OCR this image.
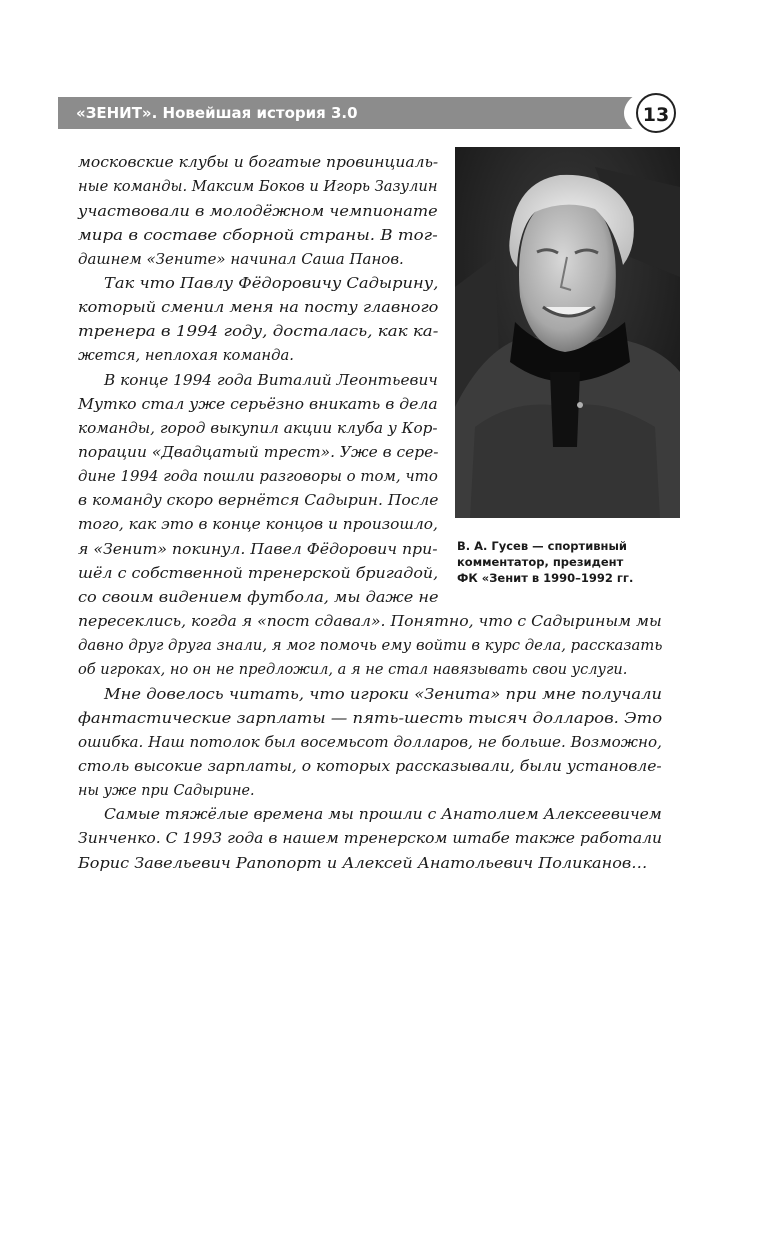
«ЗЕНИТ». Новейшая история 3.0	13
В. А. Гусев — спортивный
комментатор, президент
ФК «Зенит в 1990–1992 гг.
московские клубы и богатые провинциаль-
ные команды. Максим Боков и Игорь Зазулин
участвовали в молодёжном чемпионате
мира в составе сборной страны. В тог-
дашнем «Зените» начинал Саша Панов.
Так что Павлу Фёдоровичу Садырину,
который сменил меня на посту главного
тренера в 1994 году, досталась, как ка-
жется, неплохая команда.
В конце 1994 года Виталий Леонтьевич
Мутко стал уже серьёзно вникать в дела
команды, город выкупил акции клуба у Кор-
порации «Двадцатый трест». Уже в сере-
дине 1994 года пошли разговоры о том, что
в команду скоро вернётся Садырин. После
того, как это в конце концов и произошло,
я «Зенит» покинул. Павел Фёдорович при-
шёл с собственной тренерской бригадой,
со своим видением футбола, мы даже не
пересеклись, когда я «пост сдавал». Понятно, что с Садыриным мы
давно друг друга знали, я мог помочь ему войти в курс дела, рассказать
об игроках, но он не предложил, а я не стал навязывать свои услуги.
Мне довелось читать, что игроки «Зенита» при мне получали
фантастические зарплаты — пять-шесть тысяч долларов. Это
ошибка. Наш потолок был восемьсот долларов, не больше. Возможно,
столь высокие зарплаты, о которых рассказывали, были установле-
ны уже при Садырине.
Самые тяжёлые времена мы прошли с Анатолием Алексеевичем
Зинченко. С 1993 года в нашем тренерском штабе также работали
Борис Завельевич Рапопорт и Алексей Анатольевич Поликанов…
